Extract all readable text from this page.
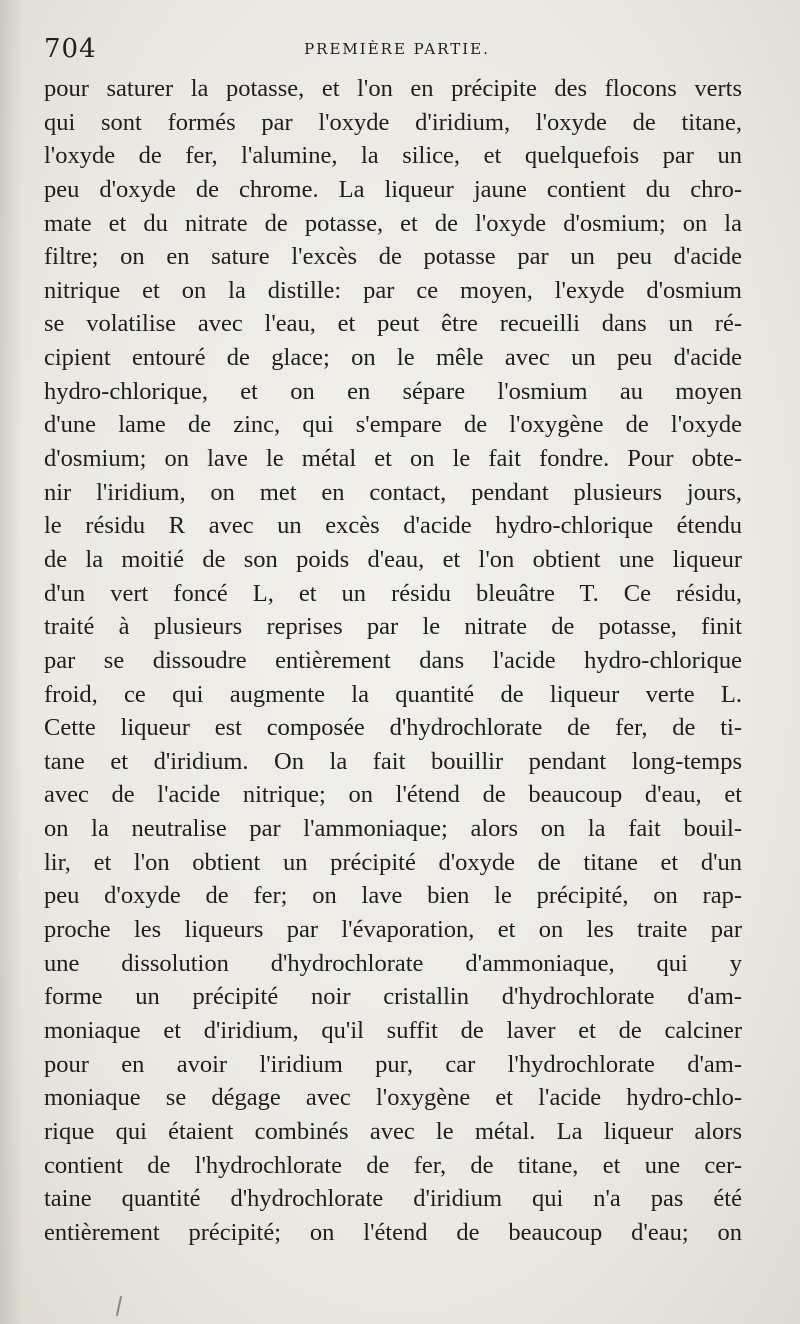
704	PREMIÈRE PARTIE.
pour saturer la potasse, et l'on en précipite des flocons verts
qui sont formés par l'oxyde d'iridium, l'oxyde de titane,
l'oxyde de fer, l'alumine, la silice, et quelquefois par un
peu d'oxyde de chrome. La liqueur jaune contient du chro-
mate et du nitrate de potasse, et de l'oxyde d'osmium; on la
filtre; on en sature l'excès de potasse par un peu d'acide
nitrique et on la distille: par ce moyen, l'exyde d'osmium
se volatilise avec l'eau, et peut être recueilli dans un ré-
cipient entouré de glace; on le mêle avec un peu d'acide
hydro-chlorique, et on en sépare l'osmium au moyen
d'une lame de zinc, qui s'empare de l'oxygène de l'oxyde
d'osmium; on lave le métal et on le fait fondre. Pour obte-
nir l'iridium, on met en contact, pendant plusieurs jours,
le résidu R avec un excès d'acide hydro-chlorique étendu
de la moitié de son poids d'eau, et l'on obtient une liqueur
d'un vert foncé L, et un résidu bleuâtre T. Ce résidu,
traité à plusieurs reprises par le nitrate de potasse, finit
par se dissoudre entièrement dans l'acide hydro-chlorique
froid, ce qui augmente la quantité de liqueur verte L.
Cette liqueur est composée d'hydrochlorate de fer, de ti-
tane et d'iridium. On la fait bouillir pendant long-temps
avec de l'acide nitrique; on l'étend de beaucoup d'eau, et
on la neutralise par l'ammoniaque; alors on la fait bouil-
lir, et l'on obtient un précipité d'oxyde de titane et d'un
peu d'oxyde de fer; on lave bien le précipité, on rap-
proche les liqueurs par l'évaporation, et on les traite par
une dissolution d'hydrochlorate d'ammoniaque, qui y
forme un précipité noir cristallin d'hydrochlorate d'am-
moniaque et d'iridium, qu'il suffit de laver et de calciner
pour en avoir l'iridium pur, car l'hydrochlorate d'am-
moniaque se dégage avec l'oxygène et l'acide hydro-chlo-
rique qui étaient combinés avec le métal. La liqueur alors
contient de l'hydrochlorate de fer, de titane, et une cer-
taine quantité d'hydrochlorate d'iridium qui n'a pas été
entièrement précipité; on l'étend de beaucoup d'eau; on
